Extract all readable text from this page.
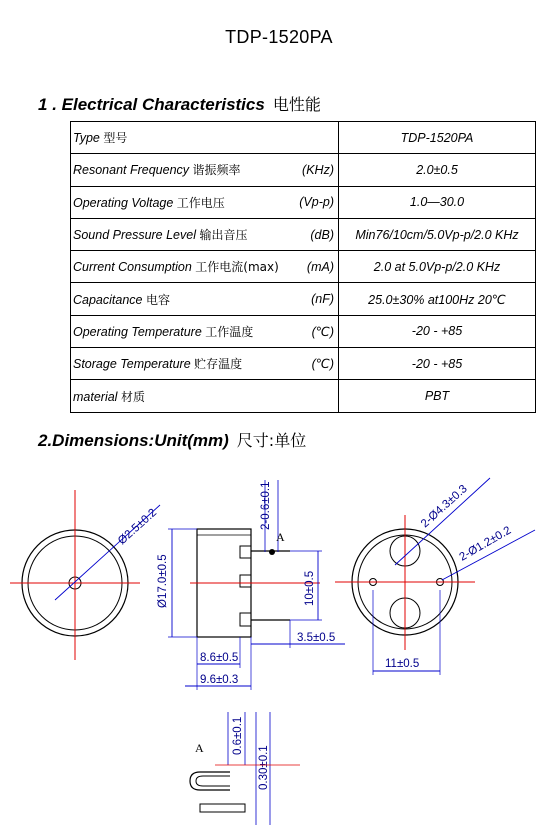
TDP-1520PA
1 . Electrical Characteristics 电性能
Type 型号	TDP-1520PA

Resonant Frequency 谐振频率 (KHz)	2.0±0.5

Operating Voltage 工作电压 (Vp-p)	1.0—30.0

Sound Pressure Level 输出音压 (dB)	Min76/10cm/5.0Vp-p/2.0 KHz

Current Consumption 工作电流(max) (mA)	2.0 at 5.0Vp-p/2.0 KHz

Capacitance 电容 (nF)	25.0±30% at100Hz 20℃

Operating Temperature 工作温度 (℃)	-20 - +85

Storage Temperature 贮存温度 (℃)	-20 - +85

material 材质	PBT
2.Dimensions:Unit(mm) 尺寸:单位
Ø2.5±0.2
Ø17.0±0.5
2-0.6±0.1
A
10±0.5
3.5±0.5
8.6±0.5
9.6±0.3
2-Ø4.3±0.3
2-Ø1.2±0.2
11±0.5
A 0.6±0.1
0.30±0.1
